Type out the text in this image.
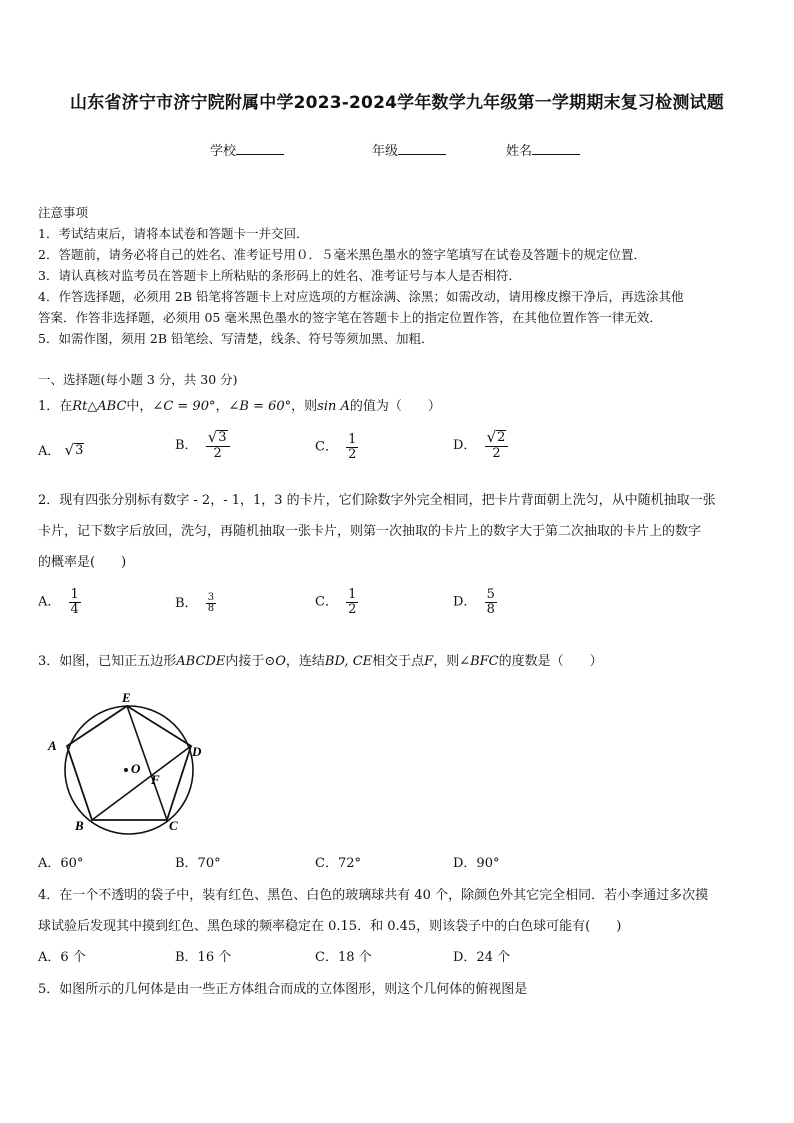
山东省济宁市济宁院附属中学2023-2024学年数学九年级第一学期期末复习检测试题
学校	年级	姓名
注意事项
1．考试结束后，请将本试卷和答题卡一并交回．
2．答题前，请务必将自己的姓名、准考证号用０．５毫米黑色墨水的签字笔填写在试卷及答题卡的规定位置．
3．请认真核对监考员在答题卡上所粘贴的条形码上的姓名、准考证号与本人是否相符．
4．作答选择题，必须用 2B 铅笔将答题卡上对应选项的方框涂满、涂黑；如需改动，请用橡皮擦干净后，再选涂其他
答案．作答非选择题，必须用 05 毫米黑色墨水的签字笔在答题卡上的指定位置作答，在其他位置作答一律无效．
5．如需作图，须用 2B 铅笔绘、写清楚，线条、符号等须加黑、加粗．
一、选择题(每小题 3 分，共 30 分)
1．在Rt△ABC中，∠C = 90°，∠B = 60°，则sin A的值为（　　）
A． √ 3	B． $\frac{√ 3}{2}$	C． $\frac{1}{2}$	D． $\frac{√ 2}{2}$
2．现有四张分别标有数字 - 2，- 1，1，3 的卡片，它们除数字外完全相同，把卡片背面朝上洗匀，从中随机抽取一张
卡片，记下数字后放回，洗匀，再随机抽取一张卡片，则第一次抽取的卡片上的数字大于第二次抽取的卡片上的数字
的概率是(　　)
A． $\frac{1}{4}$	B． $\frac{3}{8}$	C． $\frac{1}{2}$	D． $\frac{5}{8}$
3．如图，已知正五边形ABCDE内接于⊙O，连结BD, CE相交于点F，则∠BFC的度数是（　　）
E
D
A
B	C
O
F
A．60°	B．70°	C．72°	D．90°
4．在一个不透明的袋子中，装有红色、黑色、白色的玻璃球共有 40 个，除颜色外其它完全相同．若小李通过多次摸
球试验后发现其中摸到红色、黑色球的频率稳定在 0.15．和 0.45，则该袋子中的白色球可能有(　　)
A．6 个	B．16 个	C．18 个	D．24 个
5．如图所示的几何体是由一些正方体组合而成的立体图形，则这个几何体的俯视图是
